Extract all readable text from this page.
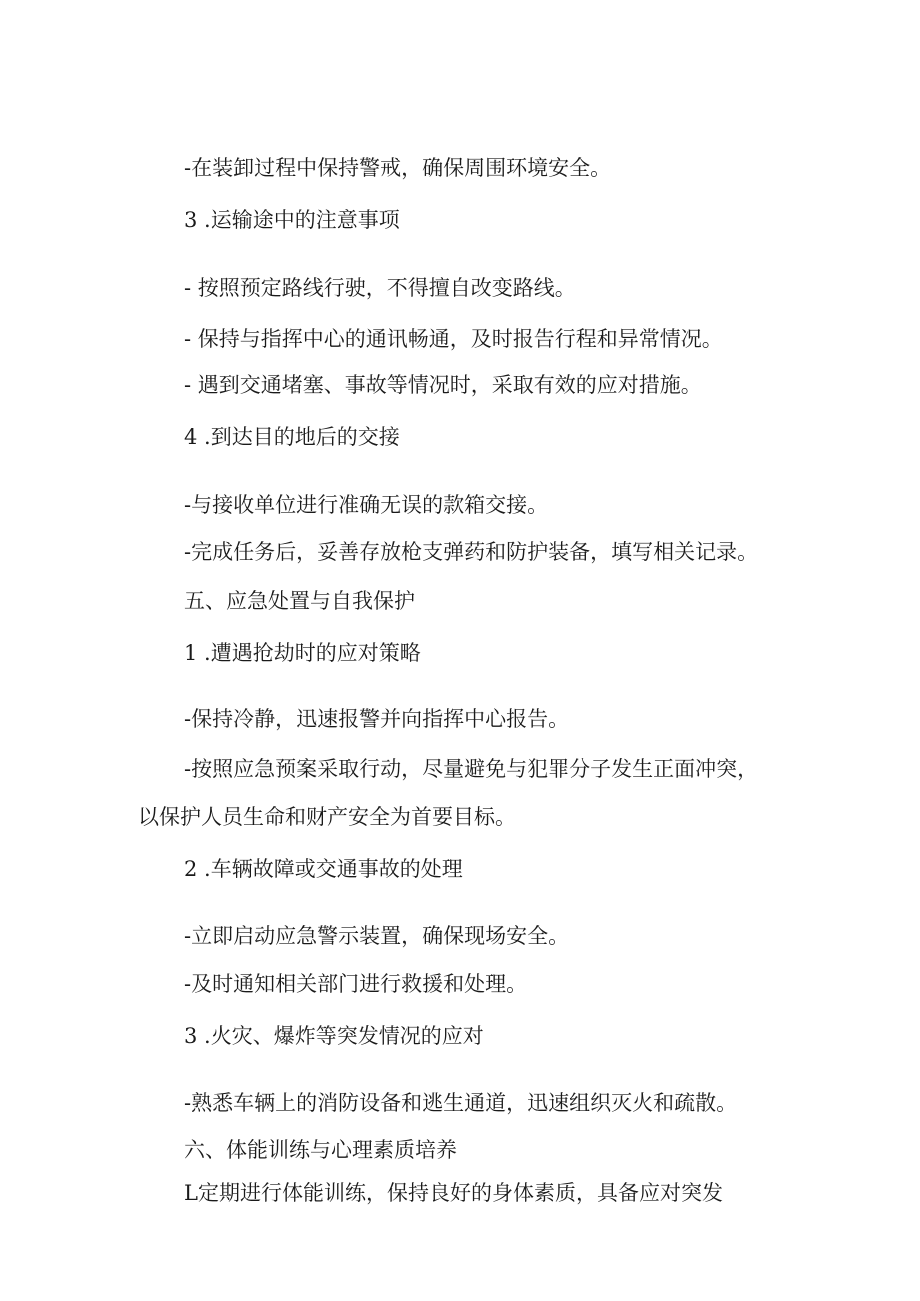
-在装卸过程中保持警戒，确保周围环境安全。

3 .运输途中的注意事项

- 按照预定路线行驶，不得擅自改变路线。

- 保持与指挥中心的通讯畅通，及时报告行程和异常情况。

- 遇到交通堵塞、事故等情况时，采取有效的应对措施。

4 .到达目的地后的交接

-与接收单位进行准确无误的款箱交接。

-完成任务后，妥善存放枪支弹药和防护装备，填写相关记录。

五、应急处置与自我保护

1 .遭遇抢劫时的应对策略

-保持冷静，迅速报警并向指挥中心报告。

-按照应急预案采取行动，尽量避免与犯罪分子发生正面冲突，

以保护人员生命和财产安全为首要目标。

2 .车辆故障或交通事故的处理

-立即启动应急警示装置，确保现场安全。

-及时通知相关部门进行救援和处理。

3 .火灾、爆炸等突发情况的应对

-熟悉车辆上的消防设备和逃生通道，迅速组织灭火和疏散。

六、体能训练与心理素质培养

L定期进行体能训练，保持良好的身体素质，具备应对突发
